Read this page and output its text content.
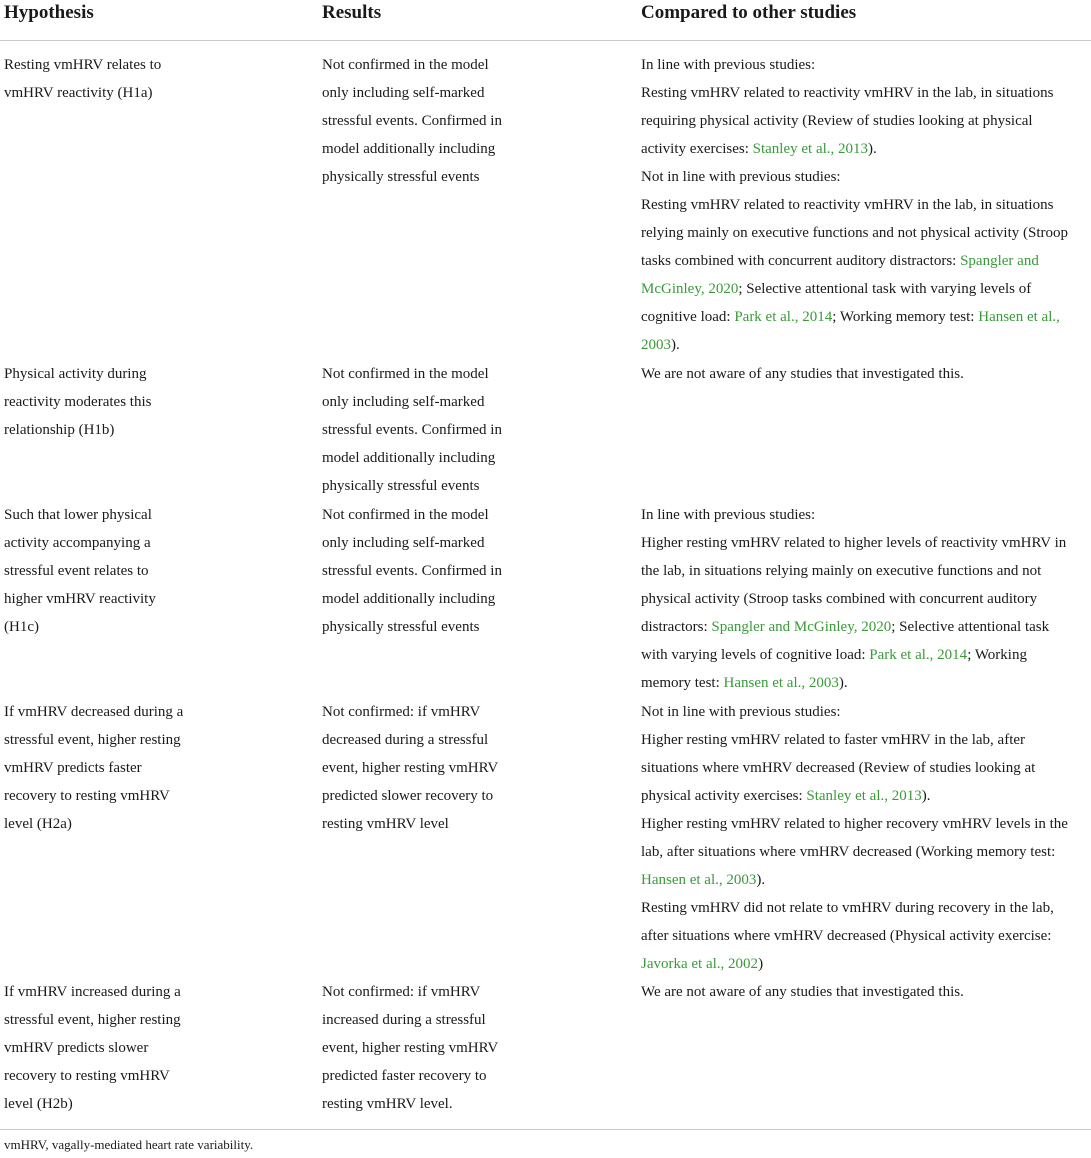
Hypothesis	Results	Compared to other studies
Resting vmHRV relates to
vmHRV reactivity (H1a)
Not confirmed in the model
only including self-marked
stressful events. Confirmed in
model additionally including
physically stressful events
In line with previous studies:
Resting vmHRV related to reactivity vmHRV in the lab, in situations
requiring physical activity (Review of studies looking at physical
activity exercises: Stanley et al., 2013).
Not in line with previous studies:
Resting vmHRV related to reactivity vmHRV in the lab, in situations
relying mainly on executive functions and not physical activity (Stroop
tasks combined with concurrent auditory distractors: Spangler and
McGinley, 2020; Selective attentional task with varying levels of
cognitive load: Park et al., 2014; Working memory test: Hansen et al.,
2003).
Physical activity during
reactivity moderates this
relationship (H1b)
Not confirmed in the model
only including self-marked
stressful events. Confirmed in
model additionally including
physically stressful events
We are not aware of any studies that investigated this.
Such that lower physical
activity accompanying a
stressful event relates to
higher vmHRV reactivity
(H1c)
Not confirmed in the model
only including self-marked
stressful events. Confirmed in
model additionally including
physically stressful events
In line with previous studies:
Higher resting vmHRV related to higher levels of reactivity vmHRV in
the lab, in situations relying mainly on executive functions and not
physical activity (Stroop tasks combined with concurrent auditory
distractors: Spangler and McGinley, 2020; Selective attentional task
with varying levels of cognitive load: Park et al., 2014; Working
memory test: Hansen et al., 2003).
If vmHRV decreased during a
stressful event, higher resting
vmHRV predicts faster
recovery to resting vmHRV
level (H2a)
Not confirmed: if vmHRV
decreased during a stressful
event, higher resting vmHRV
predicted slower recovery to
resting vmHRV level
Not in line with previous studies:
Higher resting vmHRV related to faster vmHRV in the lab, after
situations where vmHRV decreased (Review of studies looking at
physical activity exercises: Stanley et al., 2013).
Higher resting vmHRV related to higher recovery vmHRV levels in the
lab, after situations where vmHRV decreased (Working memory test:
Hansen et al., 2003).
Resting vmHRV did not relate to vmHRV during recovery in the lab,
after situations where vmHRV decreased (Physical activity exercise:
Javorka et al., 2002)
If vmHRV increased during a
stressful event, higher resting
vmHRV predicts slower
recovery to resting vmHRV
level (H2b)
Not confirmed: if vmHRV
increased during a stressful
event, higher resting vmHRV
predicted faster recovery to
resting vmHRV level.
We are not aware of any studies that investigated this.
vmHRV, vagally-mediated heart rate variability.
